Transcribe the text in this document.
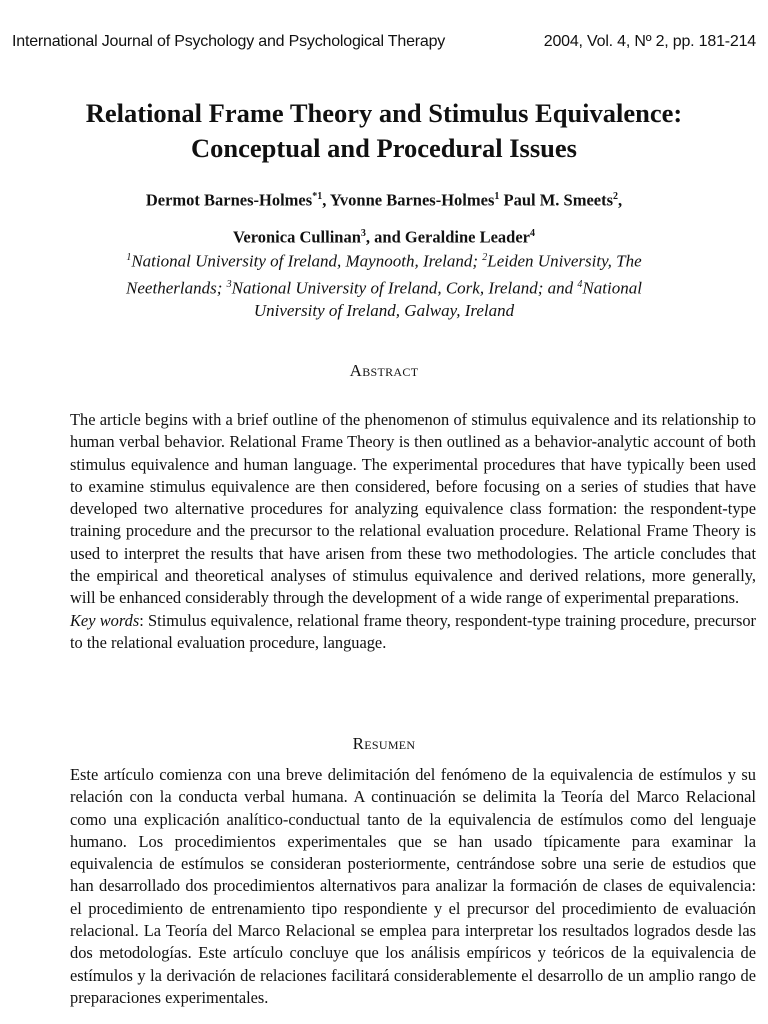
International Journal of Psychology and Psychological Therapy	2004, Vol. 4, Nº 2, pp. 181-214
Relational Frame Theory and Stimulus Equivalence:
Conceptual and Procedural Issues
Dermot Barnes-Holmes$^{*1}$, Yvonne Barnes-Holmes$^1$ Paul M. Smeets$^2$,
Veronica Cullinan$^3$, and Geraldine Leader$^4$
$^1$National University of Ireland, Maynooth, Ireland; $^2$Leiden University, The
Neetherlands; $^3$National University of Ireland, Cork, Ireland; and $^4$National
University of Ireland, Galway, Ireland
Abstract

The article begins with a brief outline of the phenomenon of stimulus equivalence and its relationship to human verbal behavior. Relational Frame Theory is then outlined as a behavior-analytic account of both stimulus equivalence and human language. The experimental procedures that have typically been used to examine stimulus equivalence are then considered, before focusing on a series of studies that have developed two alternative procedures for analyzing equivalence class formation: the respondent-type training procedure and the precursor to the relational evaluation procedure. Relational Frame Theory is used to interpret the results that have arisen from these two methodologies. The article concludes that the empirical and theoretical analyses of stimulus equivalence and derived relations, more generally, will be enhanced considerably through the development of a wide range of experimental preparations.
Key words: Stimulus equivalence, relational frame theory, respondent-type training procedure, precursor to the relational evaluation procedure, language.

Resumen

Este artículo comienza con una breve delimitación del fenómeno de la equivalencia de estímulos y su relación con la conducta verbal humana. A continuación se delimita la Teoría del Marco Relacional como una explicación analítico-conductual tanto de la equivalencia de estímulos como del lenguaje humano. Los procedimientos experimentales que se han usado típicamente para examinar la equivalencia de estímulos se consideran posteriormente, centrándose sobre una serie de estudios que han desarrollado dos procedimientos alternativos para analizar la formación de clases de equivalencia: el procedimiento de entrenamiento tipo respondiente y el precursor del procedimiento de evaluación relacional. La Teoría del Marco Relacional se emplea para interpretar los resultados logrados desde las dos metodologías. Este artículo concluye que los análisis empíricos y teóricos de la equivalencia de estímulos y la derivación de relaciones facilitará considerablemente el desarrollo de un amplio rango de preparaciones experimentales.
